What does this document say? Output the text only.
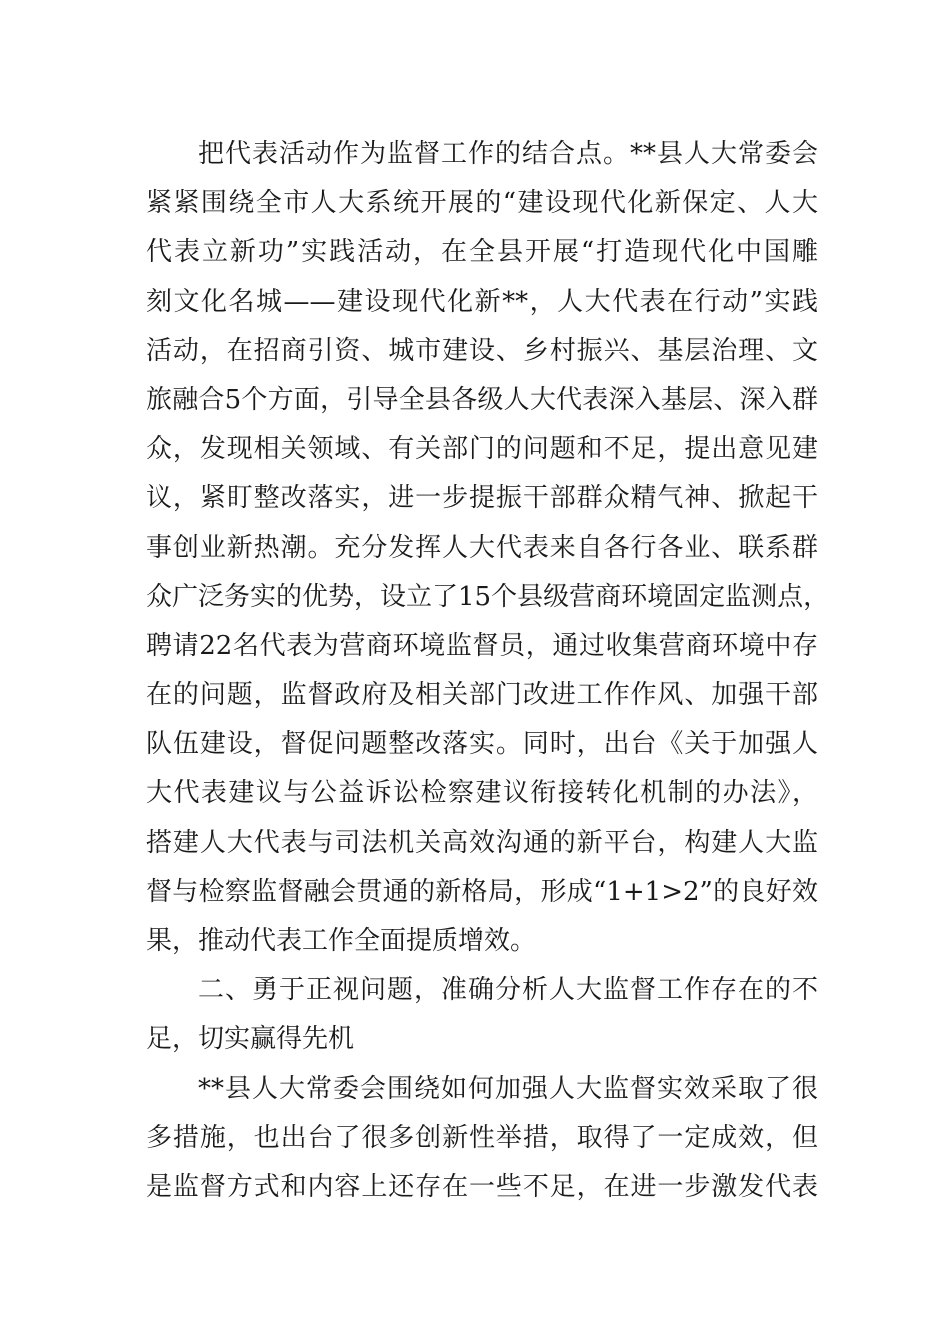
把代表活动作为监督工作的结合点。**县人大常委会
紧紧围绕全市人大系统开展的“建设现代化新保定、人大
代表立新功”实践活动，在全县开展“打造现代化中国雕
刻文化名城——建设现代化新**，人大代表在行动”实践
活动，在招商引资、城市建设、乡村振兴、基层治理、文
旅融合5个方面，引导全县各级人大代表深入基层、深入群
众，发现相关领域、有关部门的问题和不足，提出意见建
议，紧盯整改落实，进一步提振干部群众精气神、掀起干
事创业新热潮。充分发挥人大代表来自各行各业、联系群
众广泛务实的优势，设立了15个县级营商环境固定监测点，
聘请22名代表为营商环境监督员，通过收集营商环境中存
在的问题，监督政府及相关部门改进工作作风、加强干部
队伍建设，督促问题整改落实。同时，出台《关于加强人
大代表建议与公益诉讼检察建议衔接转化机制的办法》，
搭建人大代表与司法机关高效沟通的新平台，构建人大监
督与检察监督融会贯通的新格局，形成“1+1>2”的良好效
果，推动代表工作全面提质增效。
二、勇于正视问题，准确分析人大监督工作存在的不
足，切实赢得先机
**县人大常委会围绕如何加强人大监督实效采取了很
多措施，也出台了很多创新性举措，取得了一定成效，但
是监督方式和内容上还存在一些不足，在进一步激发代表
